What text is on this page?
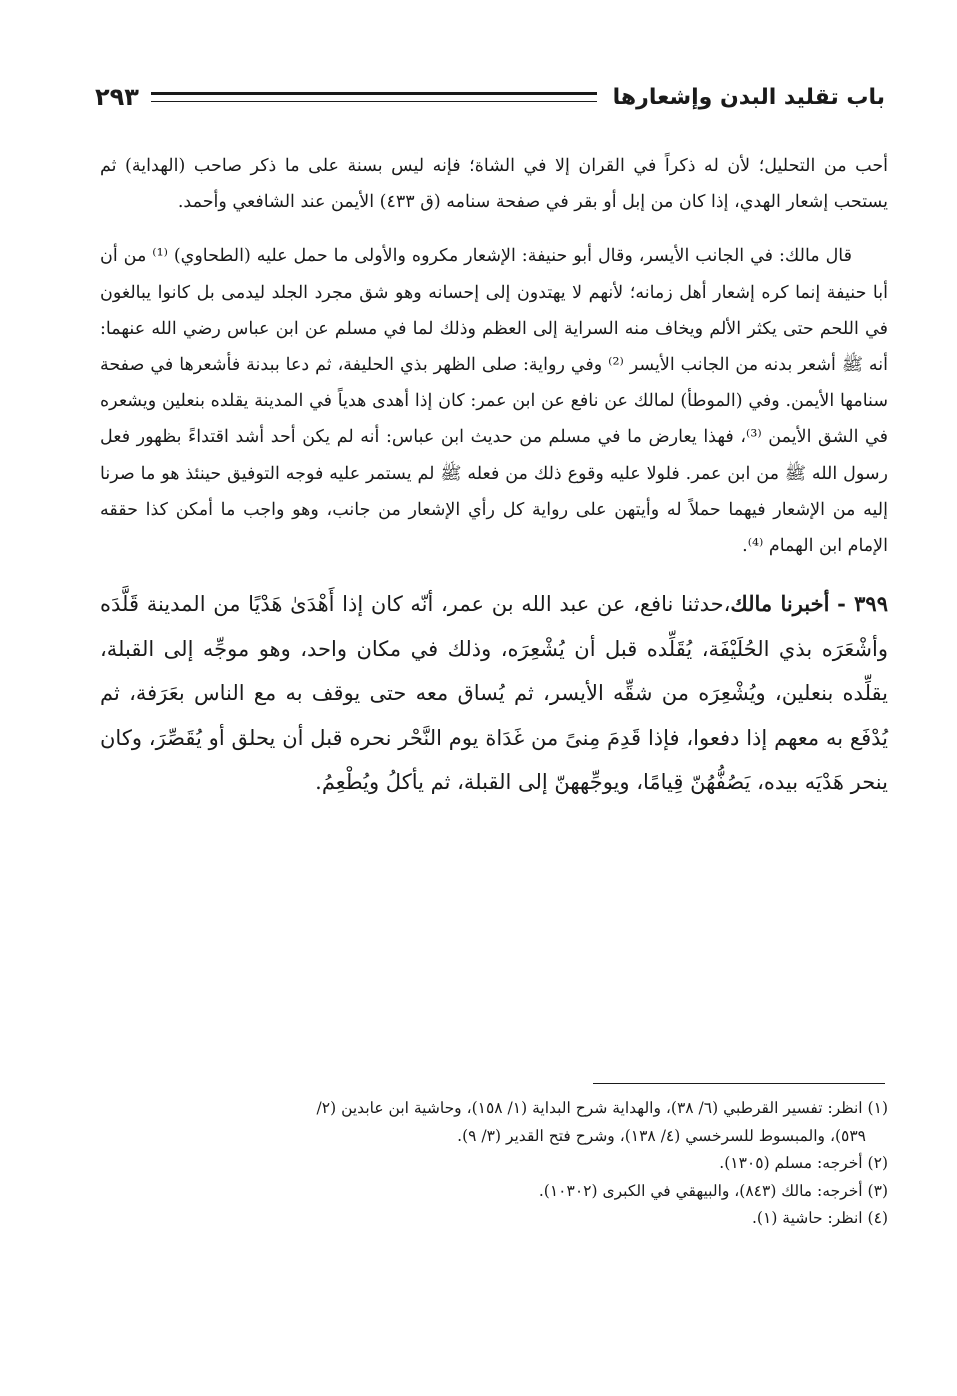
باب تقليد البدن وإشعارها
٢٩٣

أحب من التحليل؛ لأن له ذكراً في القران إلا في الشاة؛ فإنه ليس بسنة على ما ذكر صاحب (الهداية) ثم يستحب إشعار الهدي، إذا كان من إبل أو بقر في صفحة سنامه (ق ٤٣٣) الأيمن عند الشافعي وأحمد.

قال مالك: في الجانب الأيسر، وقال أبو حنيفة: الإشعار مكروه والأولى ما حمل عليه (الطحاوي) ⁽¹⁾ من أن أبا حنيفة إنما كره إشعار أهل زمانه؛ لأنهم لا يهتدون إلى إحسانه وهو شق مجرد الجلد ليدمى بل كانوا يبالغون في اللحم حتى يكثر الألم ويخاف منه السراية إلى العظم وذلك لما في مسلم عن ابن عباس رضي الله عنهما: أنه ﷺ أشعر بدنه من الجانب الأيسر ⁽²⁾ وفي رواية: صلى الظهر بذي الحليفة، ثم دعا ببدنة فأشعرها في صفحة سنامها الأيمن. وفي (الموطأ) لمالك عن نافع عن ابن عمر: كان إذا أهدى هدياً في المدينة يقلده بنعلين ويشعره في الشق الأيمن ⁽³⁾، فهذا يعارض ما في مسلم من حديث ابن عباس: أنه لم يكن أحد أشد اقتداءً بظهور فعل رسول الله ﷺ من ابن عمر. فلولا عليه وقوع ذلك من فعله ﷺ لم يستمر عليه فوجه التوفيق حينئذ هو ما صرنا إليه من الإشعار فيهما حملاً له وأيتهن على رواية كل رأي الإشعار من جانب، وهو واجب ما أمكن كذا حققه الإمام ابن الهمام ⁽⁴⁾.

٣٩٩ - أخبرنا مالك،حدثنا نافع، عن عبد الله بن عمر، أنّه كان إذا أَهْدَىٰ هَدْيًا من المدينة قَلَّدَه وأشْعَرَه بذي الحُلَيْفَة، يُقَلِّده قبل أن يُشْعِرَه، وذلك في مكان واحد، وهو موجِّه إلى القبلة، يقلِّده بنعلين، ويُشْعِرَه من شقِّه الأيسر، ثم يُساق معه حتى يوقف به مع الناس بعَرَفة، ثم يُدْفَع به معهم إذا دفعوا، فإذا قَدِمَ مِنىً من غَدَاة يوم النَّحْر نحره قبل أن يحلق أو يُقَصِّرَ، وكان ينحر هَدْيَه بيده، يَصُفُّهُنّ قِيامًا، ويوجِّههنّ إلى القبلة، ثم يأكلُ ويُطْعِمُ.

(١) انظر: تفسير القرطبي (٦/ ٣٨)، والهداية شرح البداية (١/ ١٥٨)، وحاشية ابن عابدين (٢/
٥٣٩)، والمبسوط للسرخسي (٤/ ١٣٨)، وشرح فتح القدير (٣/ ٩).

(٢) أخرجه: مسلم (١٣٠٥).

(٣) أخرجه: مالك (٨٤٣)، والبيهقي في الكبرى (١٠٣٠٢).

(٤) انظر: حاشية (١).
